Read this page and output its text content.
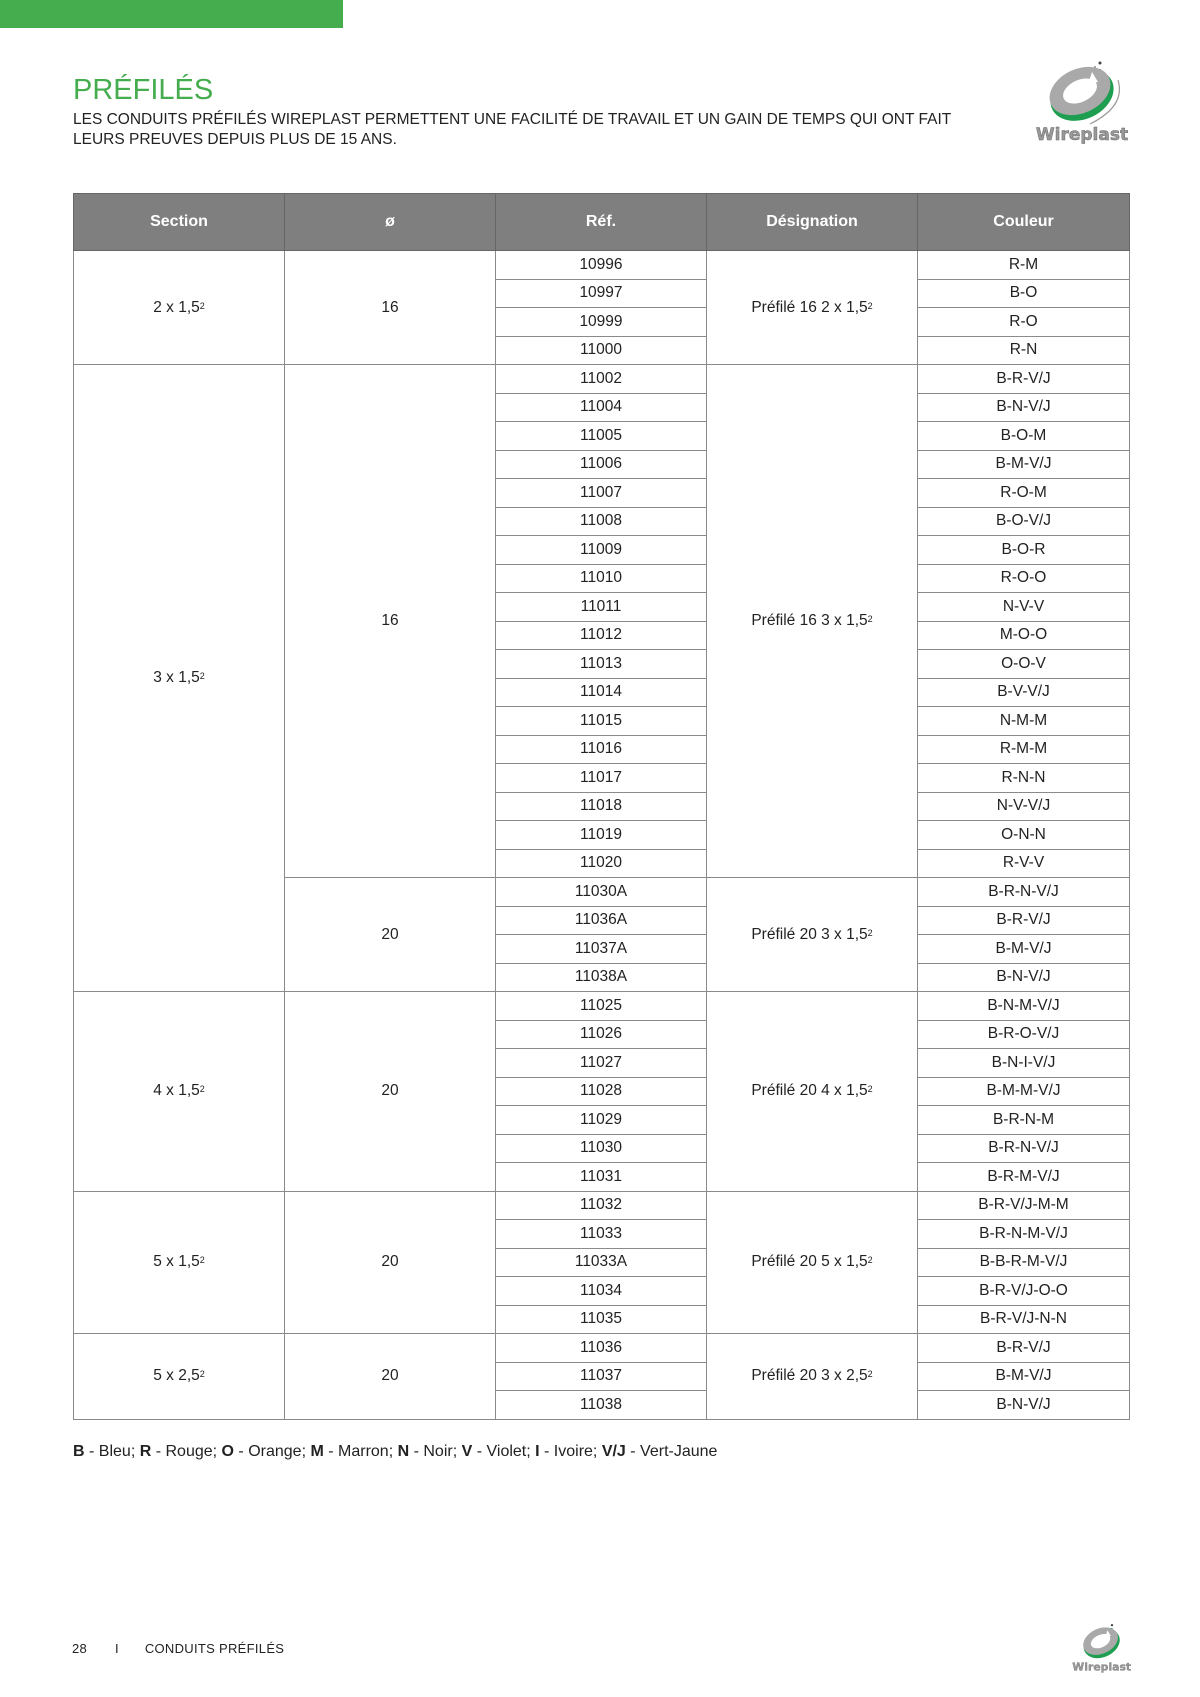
PRÉFILÉS
LES CONDUITS PRÉFILÉS WIREPLAST PERMETTENT UNE FACILITÉ DE TRAVAIL ET UN GAIN DE TEMPS QUI ONT FAIT LEURS PREUVES DEPUIS PLUS DE 15 ANS.	Wireplast
Section	ø	Réf.	Désignation	Couleur
2 x $1,5^2$	16	10996	Préfilé 16 2 x $1,5^2$	R-M
		10997		B-O
		10999		R-O
		11000		R-N
3 x $1,5^2$	16	11002	Préfilé 16 3 x $1,5^2$	B-R-V/J
		11004		B-N-V/J
		11005		B-O-M
		11006		B-M-V/J
		11007		R-O-M
		11008		B-O-V/J
		11009		B-O-R
		11010		R-O-O
		11011		N-V-V
		11012		M-O-O
		11013		O-O-V
		11014		B-V-V/J
		11015		N-M-M
		11016		R-M-M
		11017		R-N-N
		11018		N-V-V/J
		11019		O-N-N
		11020		R-V-V
	20	11030A	Préfilé 20 3 x $1,5^2$	B-R-N-V/J
		11036A		B-R-V/J
		11037A		B-M-V/J
		11038A		B-N-V/J
4 x $1,5^2$	20	11025	Préfilé 20 4 x $1,5^2$	B-N-M-V/J
		11026		B-R-O-V/J
		11027		B-N-I-V/J
		11028		B-M-M-V/J
		11029		B-R-N-M
		11030		B-R-N-V/J
		11031		B-R-M-V/J
5 x $1,5^2$	20	11032	Préfilé 20 5 x $1,5^2$	B-R-V/J-M-M
		11033		B-R-N-M-V/J
		11033A		B-B-R-M-V/J
		11034		B-R-V/J-O-O
		11035		B-R-V/J-N-N
5 x $2,5^2$	20	11036	Préfilé 20 3 x $2,5^2$	B-R-V/J
		11037		B-M-V/J
		11038		B-N-V/J
B - Bleu; R - Rouge; O - Orange; M - Marron; N - Noir; V - Violet; I - Ivoire; V/J - Vert-Jaune
28 I CONDUITS PRÉFILÉS
Wireplast
